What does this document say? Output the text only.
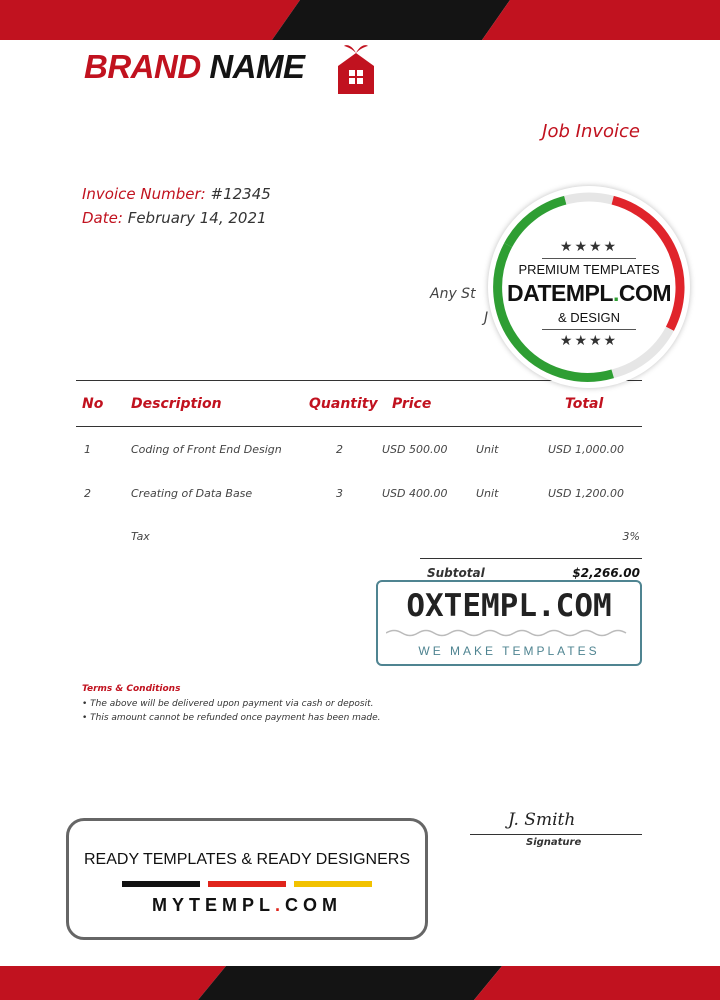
BRAND NAME
Job Invoice
Invoice Number: #12345
Date: February 14, 2021
Any St
J
No Description	Quantity Price	Total
1	Coding of Front End Design	2	USD 500.00	Unit	USD 1,000.00
2	Creating of Data Base	3	USD 400.00	Unit	USD 1,200.00
Tax	3%
Subtotal	$2,266.00
Terms & Conditions
• The above will be delivered upon payment via cash or deposit.
• This amount cannot be refunded once payment has been made.
J. Smith
Signature
★★★★
PREMIUM TEMPLATES
DATEMPL.COM
& DESIGN
★★★★
OXTEMPL.COM
WE MAKE TEMPLATES
READY TEMPLATES & READY DESIGNERS
MYTEMPL.COM
